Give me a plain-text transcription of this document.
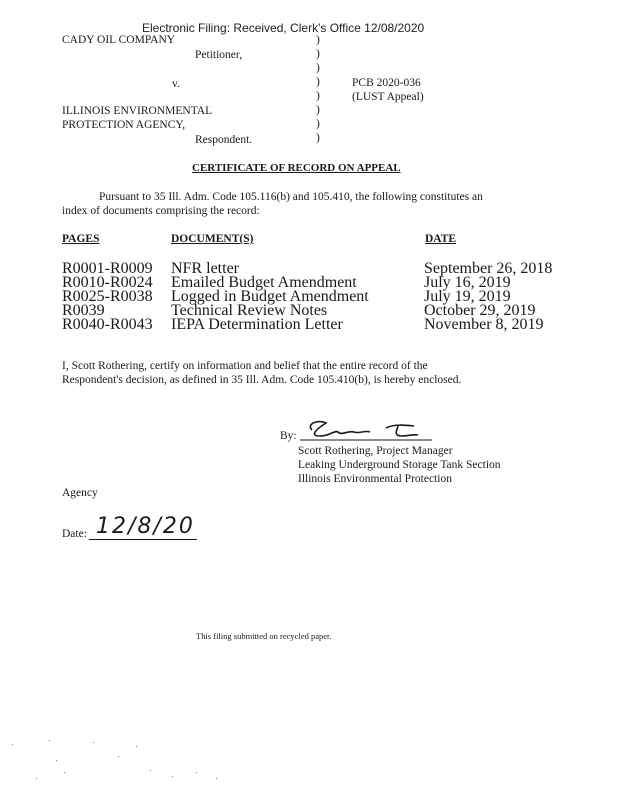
Electronic Filing: Received, Clerk's Office 12/08/2020
CADY OIL COMPANY
Petitioner,
v.
ILLINOIS ENVIRONMENTAL
PROTECTION AGENCY,
Respondent.
)
)
)
)
)
)
)
)
PCB 2020-036
(LUST Appeal)
CERTIFICATE OF RECORD ON APPEAL
Pursuant to 35 Ill. Adm. Code 105.116(b) and 105.410, the following constitutes an
index of documents comprising the record:
PAGES	DOCUMENT(S)	DATE
R0001-R0009 NFR letter	September 26, 2018
R0010-R0024 Emailed Budget Amendment	July 16, 2019
R0025-R0038 Logged in Budget Amendment	July 19, 2019
R0039	Technical Review Notes	October 29, 2019
R0040-R0043 IEPA Determination Letter	November 8, 2019
I, Scott Rothering, certify on information and belief that the entire record of the
Respondent's decision, as defined in 35 Ill. Adm. Code 105.410(b), is hereby enclosed.
By:
Scott Rothering, Project Manager
Leaking Underground Storage Tank Section
Illinois Environmental Protection
Agency
Date: 12/8/20
This filing submitted on recycled paper.
